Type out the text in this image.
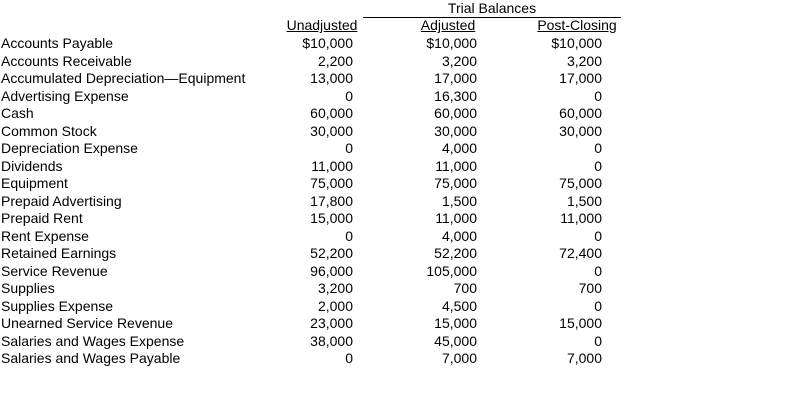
Trial Balances
Unadjusted	Adjusted	Post-Closing
Accounts Payable	$10,000	$10,000	$10,000
Accounts Receivable	2,200	3,200	3,200
Accumulated Depreciation—Equipment	13,000	17,000	17,000
Advertising Expense	0	16,300	0
Cash	60,000	60,000	60,000
Common Stock	30,000	30,000	30,000
Depreciation Expense	0	4,000	0
Dividends	11,000	11,000	0
Equipment	75,000	75,000	75,000
Prepaid Advertising	17,800	1,500	1,500
Prepaid Rent	15,000	11,000	11,000
Rent Expense	0	4,000	0
Retained Earnings	52,200	52,200	72,400
Service Revenue	96,000	105,000	0
Supplies	3,200	700	700
Supplies Expense	2,000	4,500	0
Unearned Service Revenue	23,000	15,000	15,000
Salaries and Wages Expense	38,000	45,000	0
Salaries and Wages Payable	0	7,000	7,000
